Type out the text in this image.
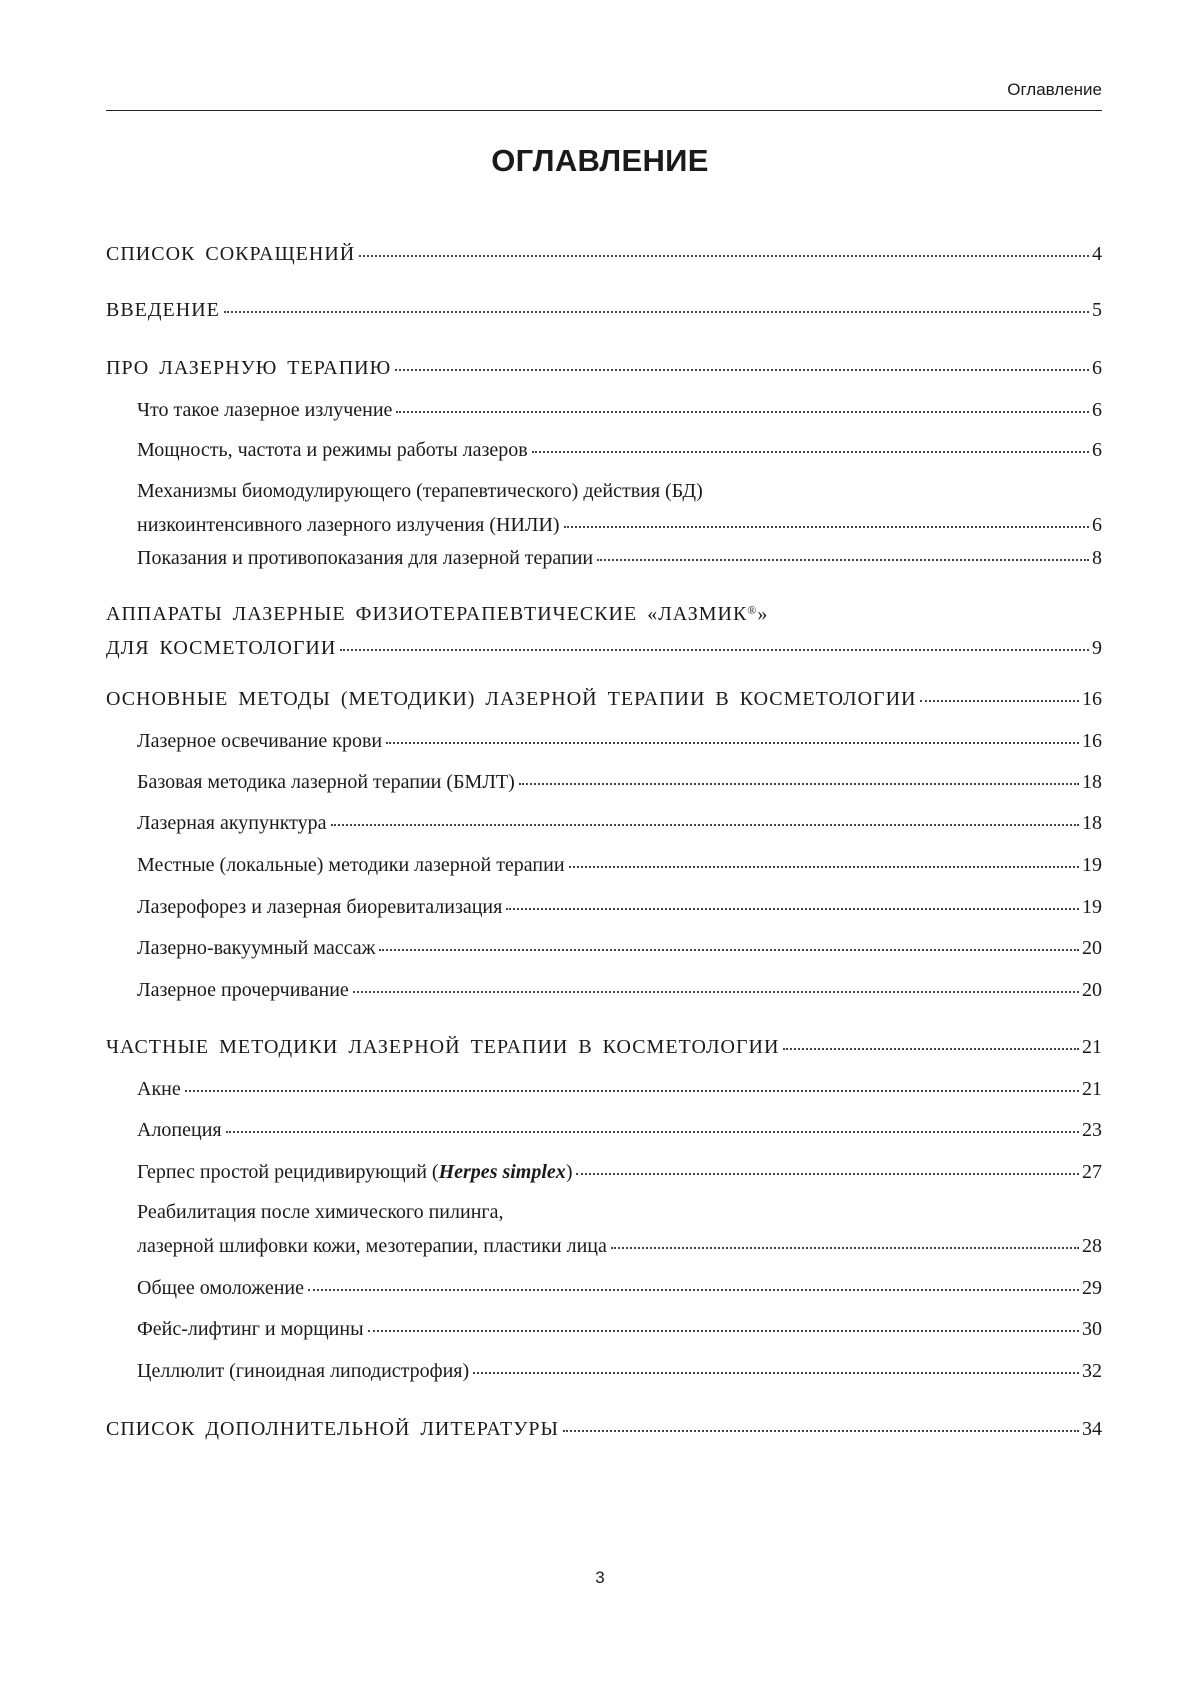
Оглавление
ОГЛАВЛЕНИЕ
СПИСОК СОКРАЩЕНИЙ	4
ВВЕДЕНИЕ	5
ПРО ЛАЗЕРНУЮ ТЕРАПИЮ	6
Что такое лазерное излучение	6
Мощность, частота и режимы работы лазеров	6
Механизмы биомодулирующего (терапевтического) действия (БД)
низкоинтенсивного лазерного излучения (НИЛИ)	6
Показания и противопоказания для лазерной терапии	8
АППАРАТЫ ЛАЗЕРНЫЕ ФИЗИОТЕРАПЕВТИЧЕСКИЕ «ЛАЗМИК®»
ДЛЯ КОСМЕТОЛОГИИ	9
ОСНОВНЫЕ МЕТОДЫ (МЕТОДИКИ) ЛАЗЕРНОЙ ТЕРАПИИ В КОСМЕТОЛОГИИ	16
Лазерное освечивание крови	16
Базовая методика лазерной терапии (БМЛТ)	18
Лазерная акупунктура	18
Местные (локальные) методики лазерной терапии	19
Лазерофорез и лазерная биоревитализация	19
Лазерно-вакуумный массаж	20
Лазерное прочерчивание	20
ЧАСТНЫЕ МЕТОДИКИ ЛАЗЕРНОЙ ТЕРАПИИ В КОСМЕТОЛОГИИ	21
Акне	21
Алопеция	23
Герпес простой рецидивирующий (Herpes simplex)	27
Реабилитация после химического пилинга,
лазерной шлифовки кожи, мезотерапии, пластики лица	28
Общее омоложение	29
Фейс-лифтинг и морщины	30
Целлюлит (гиноидная липодистрофия)	32
СПИСОК ДОПОЛНИТЕЛЬНОЙ ЛИТЕРАТУРЫ	34
3
